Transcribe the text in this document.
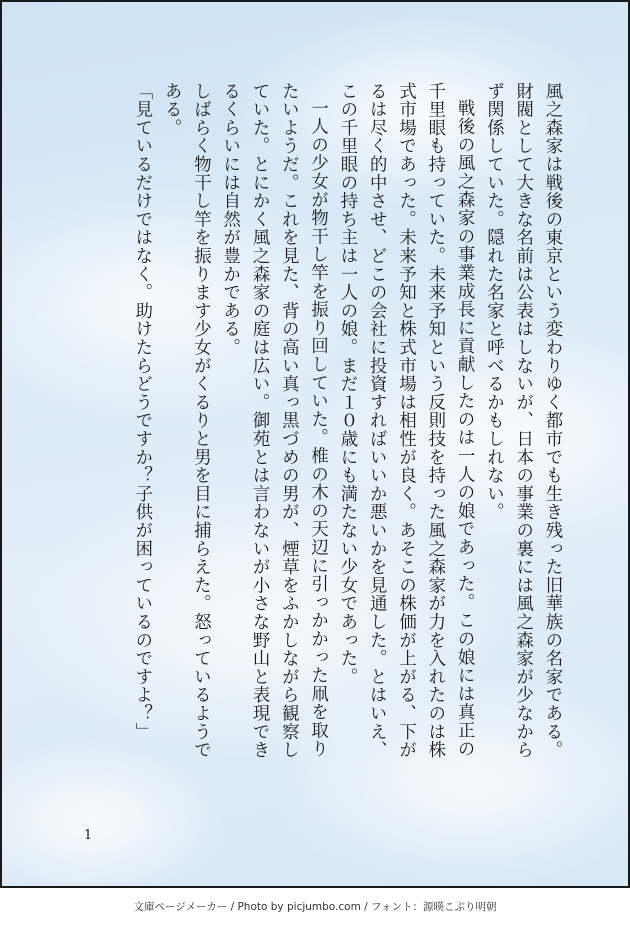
風之森家は戦後の東京という変わりゆく都市でも生き残った旧華族の名家である。財閥として大きな名前は公表はしないが、日本の事業の裏には風之森家が少なからず関係していた。隠れた名家と呼べるかもしれない。

戦後の風之森家の事業成長に貢献したのは一人の娘であった。この娘には真正の千里眼も持っていた。未来予知という反則技を持った風之森家が力を入れたのは株式市場であった。未来予知と株式市場は相性が良く。あそこの株価が上がる、下がるは尽く的中させ、どこの会社に投資すればいいか悪いかを見通した。とはいえ、この千里眼の持ち主は一人の娘。まだ１０歳にも満たない少女であった。

一人の少女が物干し竿を振り回していた。椎の木の天辺に引っかかった凧を取りたいようだ。これを見た、背の高い真っ黒づめの男が、煙草をふかしながら観察していた。とにかく風之森家の庭は広い。御苑とは言わないが小さな野山と表現できるくらいには自然が豊かである。

しばらく物干し竿を振ります少女がくるりと男を目に捕らえた。怒っているようである。

「見ているだけではなく。助けたらどうですか？子供が困っているのですよ？」

1
文庫ページメーカー / Photo by picjumbo.com / フォント：源暎こぶり明朝
